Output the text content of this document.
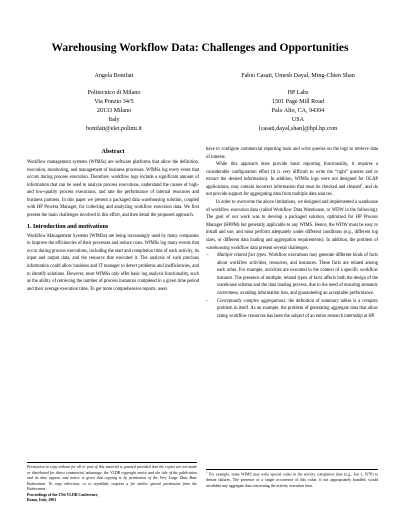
Warehousing Workflow Data: Challenges and Opportunities
Angela Bonifati
Politecnico di Milano
Via Ponzio 34/5
20133 Milano
Italy
bonifati@elet.polimi.it
Fabio Casati, Umesh Dayal, Ming-Chien Shan
HP Labs
1501 Page Mill Road
Palo Alto, CA, 94304
USA
[casati,dayal,shan]@hpl.hp.com
Abstract

Workflow management systems (WfMSs) are software platforms that allow the definition, execution, monitoring, and management of business processes. WfMSs log every event that occurs during process execution. Therefore, workflow logs include a significant amount of information that can be used to analyze process executions, understand the causes of high- and low-quality process executions, and rate the performance of internal resources and business partners. In this paper we present a packaged data warehousing solution, coupled with HP Process Manager, for collecting and analyzing workflow execution data. We first present the main challenges involved in this effort, and then detail the proposed approach.

1. Introduction and motivations

Workflow Management Systems (WfMSs) are being increasingly used by many companies to improve the efficiencies of their processes and reduce costs. WfMSs log many events that occur during process executions, including the start and completion time of each activity, its input and output data, and the resource that executed it. The analysis of such precious information could allow business and IT manager to detect problems and inefficiencies, and to identify solutions. However, most WfMSs only offer basic log analysis functionality, such as the ability of retrieving the number of process instances completed in a given time period and their average execution time. To get more comprehensive reports, users

have to configure commercial reporting tools and write queries on the logs to retrieve data of interest.

While this approach does provide basic reporting functionality, it requires a considerable configuration effort (it is very difficult to write the “right” queries and to extract the desired information). In addition, WfMSs logs were not designed for OLAP applications, may contain incorrect information that must be checked and cleaned$^1$, and do not provide support for aggregating data from multiple data sources.

In order to overcome the above limitations, we designed and implemented a warehouse of workflow execution data (called Workflow Data Warehouse, or WDW in the following). The goal of our work was to develop a packaged solution, optimized for HP Process Manager (HPPM) but generally applicable to any WfMS. Hence, the WDW must be easy to install and use, and must perform adequately under different conditions (e.g., different log sizes, or different data loading and aggregation requirements). In addition, the problem of warehousing workflow data present several challenges:

– Multiple related fact types. Workflow executions may generate different kinds of facts about workflow activities, resources, and instances. These facts are related among each other. For example, activities are executed in the context of a specific workflow instance. The presence of multiple, related types of facts affects both the design of the warehouse schema and the data loading process, due to the need of ensuring semantic correctness, avoiding information loss, and guaranteeing an acceptable performance.
– Conceptually complex aggregations: the definition of summary tables is a complex problem in itself. As an example, the problem of generating aggregate data that allow rating workflow resources has been the subject of an entire research internship at HP.
Permission to copy without fee all or part of this material is granted provided that the copies are not made or distributed for direct commercial advantage, the VLDB copyright notice and the title of the publication and its date appear, and notice is given that copying is by permission of the Very Large Data Base Endowment. To copy otherwise, or to republish, requires a fee and/or special permission from the Endowment
Proceedings of the 27th VLDB Conference,
Roma, Italy, 2001
$^1$ For example, some WfMS may write special codes in the activity completion time (e.g., Jan 1, 1970) to denote failures. The presence of a single occurrence of this value, if not appropriately handled, would invalidate any aggregate data concerning the activity execution time.
